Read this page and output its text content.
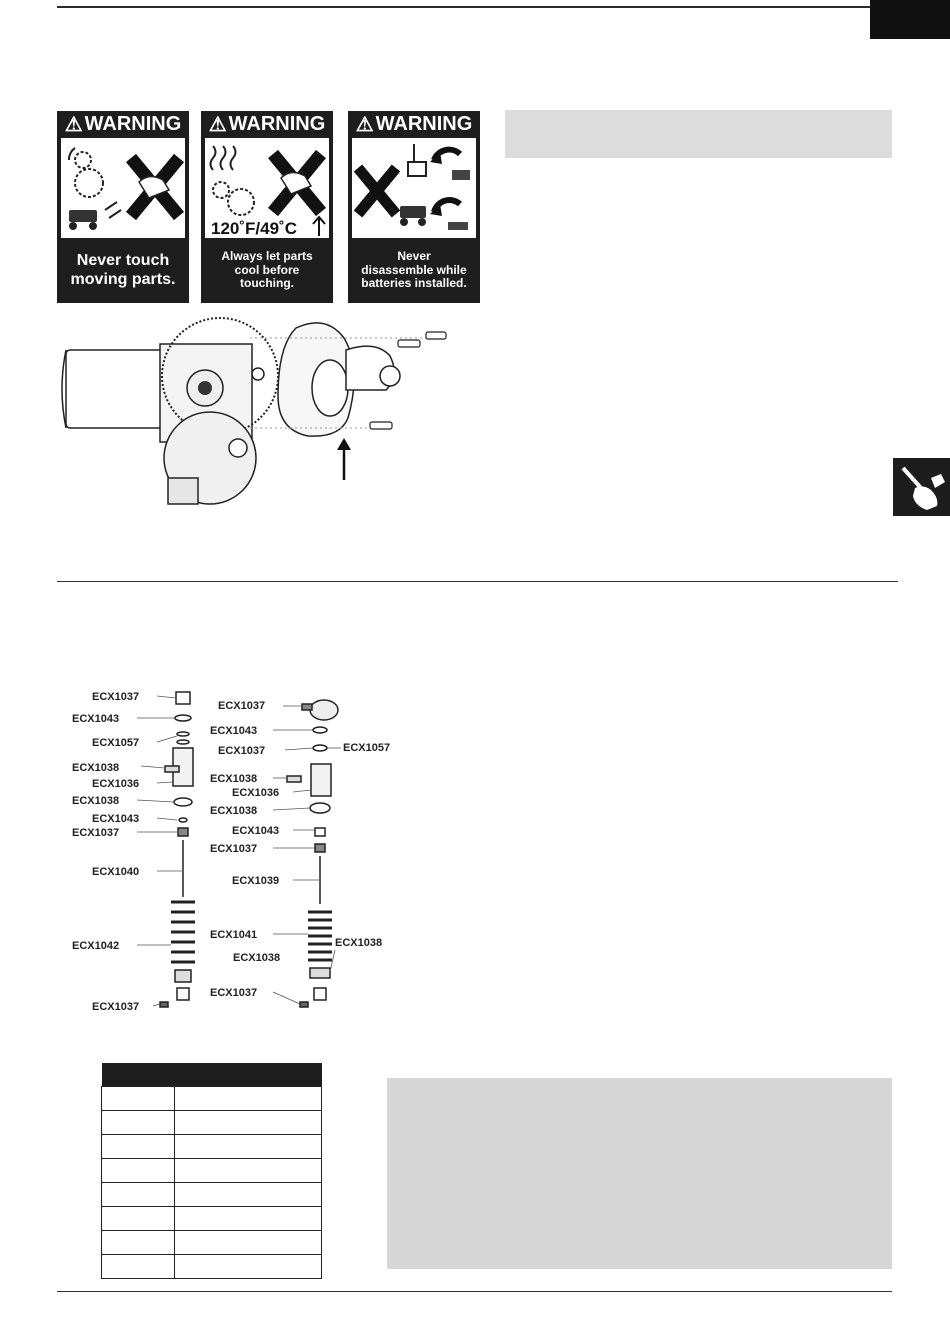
⚠ WARNING
Never touch
moving parts.
⚠ WARNING
120˚F/49˚C
Always let parts
cool before
touching.
⚠ WARNING
Never
disassemble while
batteries installed.
ECX1037
ECX1043
ECX1057
ECX1038
ECX1036
ECX1038
ECX1043
ECX1037
ECX1040
ECX1042
ECX1038
ECX1037
ECX1037
ECX1043
ECX1037	ECX1057
ECX1038
ECX1036
ECX1038
ECX1043
ECX1037
ECX1039
ECX1041
ECX1038
ECX1037
